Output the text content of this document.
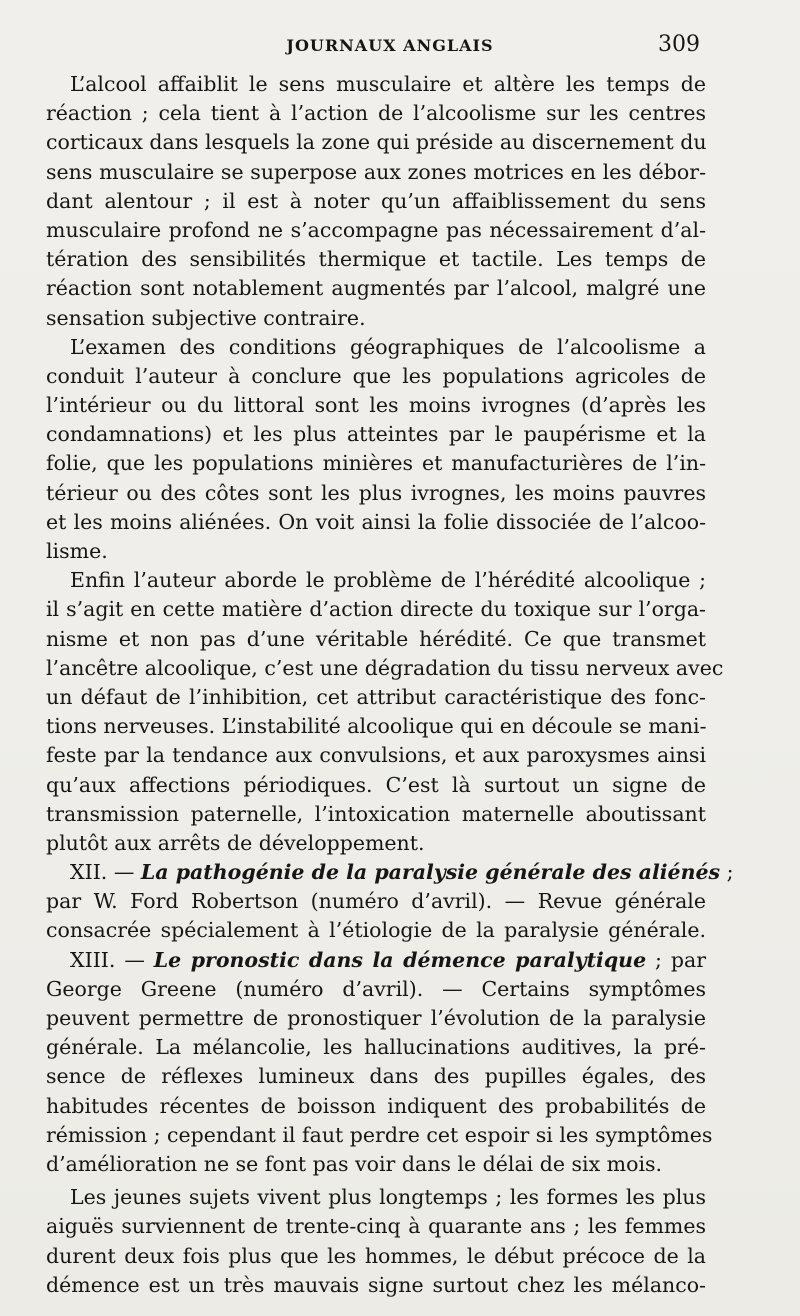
JOURNAUX ANGLAIS	309
L’alcool affaiblit le sens musculaire et altère les temps de
réaction ; cela tient à l’action de l’alcoolisme sur les centres
corticaux dans lesquels la zone qui préside au discernement du
sens musculaire se superpose aux zones motrices en les débor-
dant alentour ; il est à noter qu’un affaiblissement du sens
musculaire profond ne s’accompagne pas nécessairement d’al-
tération des sensibilités thermique et tactile. Les temps de
réaction sont notablement augmentés par l’alcool, malgré une
sensation subjective contraire.
L’examen des conditions géographiques de l’alcoolisme a
conduit l’auteur à conclure que les populations agricoles de
l’intérieur ou du littoral sont les moins ivrognes (d’après les
condamnations) et les plus atteintes par le paupérisme et la
folie, que les populations minières et manufacturières de l’in-
térieur ou des côtes sont les plus ivrognes, les moins pauvres
et les moins aliénées. On voit ainsi la folie dissociée de l’alcoo-
lisme.
Enfin l’auteur aborde le problème de l’hérédité alcoolique ;
il s’agit en cette matière d’action directe du toxique sur l’orga-
nisme et non pas d’une véritable hérédité. Ce que transmet
l’ancêtre alcoolique, c’est une dégradation du tissu nerveux avec
un défaut de l’inhibition, cet attribut caractéristique des fonc-
tions nerveuses. L’instabilité alcoolique qui en découle se mani-
feste par la tendance aux convulsions, et aux paroxysmes ainsi
qu’aux affections périodiques. C’est là surtout un signe de
transmission paternelle, l’intoxication maternelle aboutissant
plutôt aux arrêts de développement.
XII. — La pathogénie de la paralysie générale des aliénés ;
par W. Ford Robertson (numéro d’avril). — Revue générale
consacrée spécialement à l’étiologie de la paralysie générale.
XIII. — Le pronostic dans la démence paralytique ; par
George Greene (numéro d’avril). — Certains symptômes
peuvent permettre de pronostiquer l’évolution de la paralysie
générale. La mélancolie, les hallucinations auditives, la pré-
sence de réflexes lumineux dans des pupilles égales, des
habitudes récentes de boisson indiquent des probabilités de
rémission ; cependant il faut perdre cet espoir si les symptômes
d’amélioration ne se font pas voir dans le délai de six mois.
Les jeunes sujets vivent plus longtemps ; les formes les plus
aiguës surviennent de trente-cinq à quarante ans ; les femmes
durent deux fois plus que les hommes, le début précoce de la
démence est un très mauvais signe surtout chez les mélanco-
